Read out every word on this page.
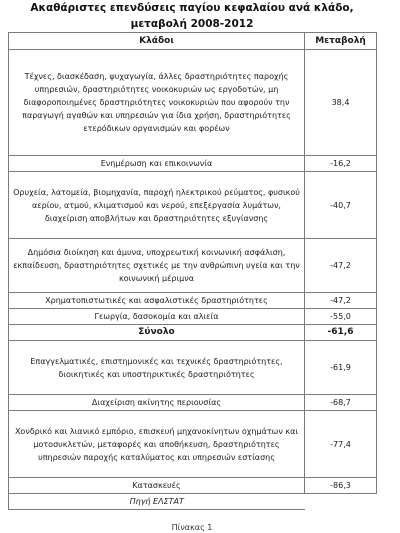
Ακαθάριστες επενδύσεις παγίου κεφαλαίου ανά κλάδο,
μεταβολή 2008-2012
Κλάδοι	Μεταβολή
Τέχνες, διασκέδαση, ψυχαγωγία, άλλες δραστηριότητες παροχής υπηρεσιών, δραστηριότητες νοικοκυριών ως εργοδοτών, μη διαφοροποιημένες δραστηριότητες νοικοκυριών που αφορούν την παραγωγή αγαθών και υπηρεσιών για ίδια χρήση, δραστηριότητες ετερόδικων οργανισμών και φορέων	38,4
Ενημέρωση και επικοινωνία	-16,2
Ορυχεία, λατομεία, βιομηχανία, παροχή ηλεκτρικού ρεύματος, φυσικού αερίου, ατμού, κλιματισμού και νερού, επεξεργασία λυμάτων, διαχείριση αποβλήτων και δραστηριότητες εξυγίανσης	-40,7
Δημόσια διοίκηση και άμυνα, υποχρεωτική κοινωνική ασφάλιση, εκπαίδευση, δραστηριότητες σχετικές με την ανθρώπινη υγεία και την κοινωνική μέριμνα	-47,2
Χρηματοπιστωτικές και ασφαλιστικές δραστηριότητες	-47,2
Γεωργία, δασοκομία και αλιεία	-55,0
Σύνολο	-61,6
Επαγγελματικές, επιστημονικές και τεχνικές δραστηριότητες, διοικητικές και υποστηρικτικές δραστηριότητες	-61,9
Διαχείριση ακίνητης περιουσίας	-68,7
Χονδρικό και λιανικό εμπόριο, επισκευή μηχανοκίνητων οχημάτων και μοτοσυκλετών, μεταφορές και αποθήκευση, δραστηριότητες υπηρεσιών παροχής καταλύματος και υπηρεσιών εστίασης	-77,4
Κατασκευές	-86,3
Πηγή ΕΛΣΤΑΤ	
Πίνακας 1
